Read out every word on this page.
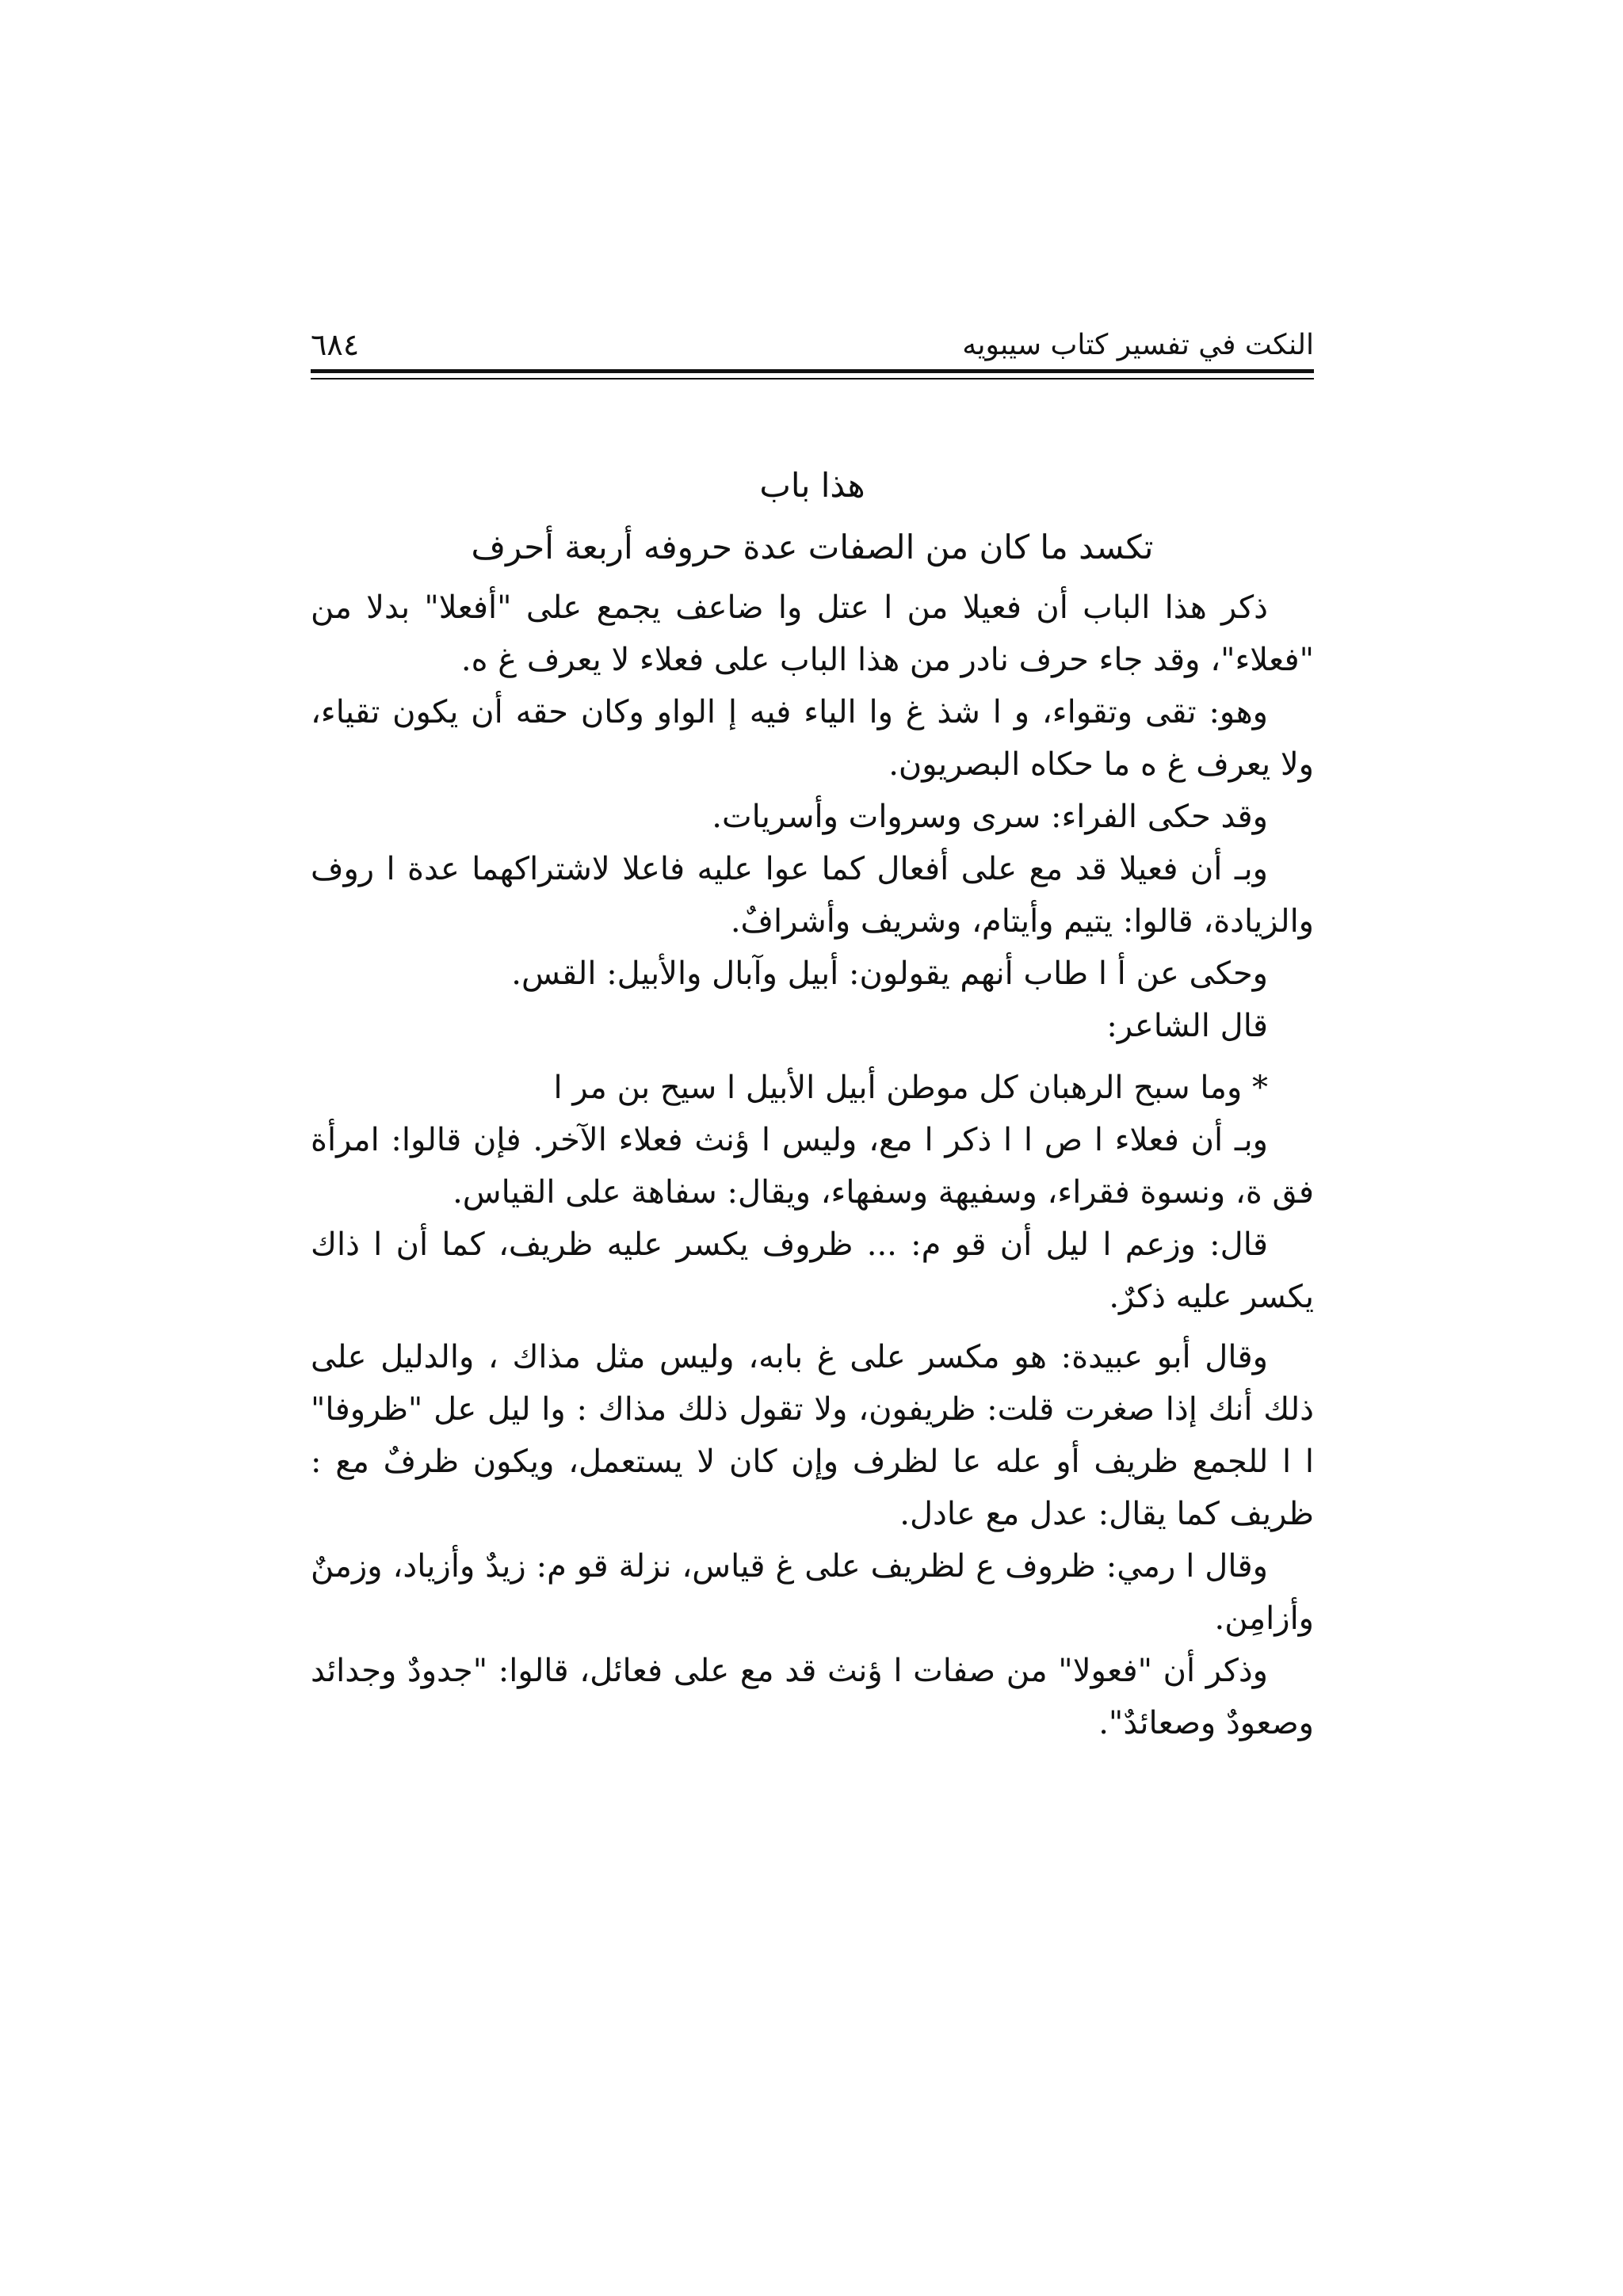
٦٨٤	النكت في تفسير كتاب سيبويه

هذا باب

تكسد ما كان من الصفات عدة حروفه أربعة أحرف

ذكر هذا الباب أن فعيلا من ا عتل وا ضاعف يجمع على "أفعلا" بدلا من "فعلاء"، وقد جاء حرف نادر من هذا الباب على فعلاء لا يعرف غ ه.

وهو: تقى وتقواء، و ا شذ غ وا الياء فيه إ الواو وكان حقه أن يكون تقياء، ولا يعرف غ ه ما حكاه البصريون.

وقد حكى الفراء: سرى وسروات وأسريات.

وبـ أن فعيلا قد مع على أفعال كما عوا عليه فاعلا لاشتراكهما عدة ا روف والزيادة، قالوا: يتيم وأيتام، وشريف وأشرافٌ.

وحكى عن أ ا طاب أنهم يقولون: أبيل وآبال والأبيل: القس.

قال الشاعر:

* وما سبح الرهبان كل موطن أبيل الأبيل ا سيح بن مر ا

وبـ أن فعلاء ا ص ا ا ذكر ا مع، وليس ا ؤنث فعلاء الآخر. فإن قالوا: امرأة فق ة، ونسوة فقراء، وسفيهة وسفهاء، ويقال: سفاهة على القياس.

قال: وزعم ا ليل أن قو م: ... ظروف يكسر عليه ظريف، كما أن ا ذاك يكسر عليه ذكرٌ.

وقال أبو عبيدة: هو مكسر على غ بابه، وليس مثل مذاك ، والدليل على ذلك أنك إذا صغرت قلت: ظريفون، ولا تقول ذلك مذاك : وا ليل عل "ظروفا" ا ا للجمع ظريف أو عله عا لظرف وإن كان لا يستعمل، ويكون ظرفٌ مع : ظريف كما يقال: عدل مع عادل.

وقال ا رمي: ظروف ع لظريف على غ قياس، نزلة قو م: زيدٌ وأزياد، وزمنٌ وأزامِن.

وذكر أن "فعولا" من صفات ا ؤنث قد مع على فعائل، قالوا: "جدودٌ وجدائد وصعودٌ وصعائدٌ".
